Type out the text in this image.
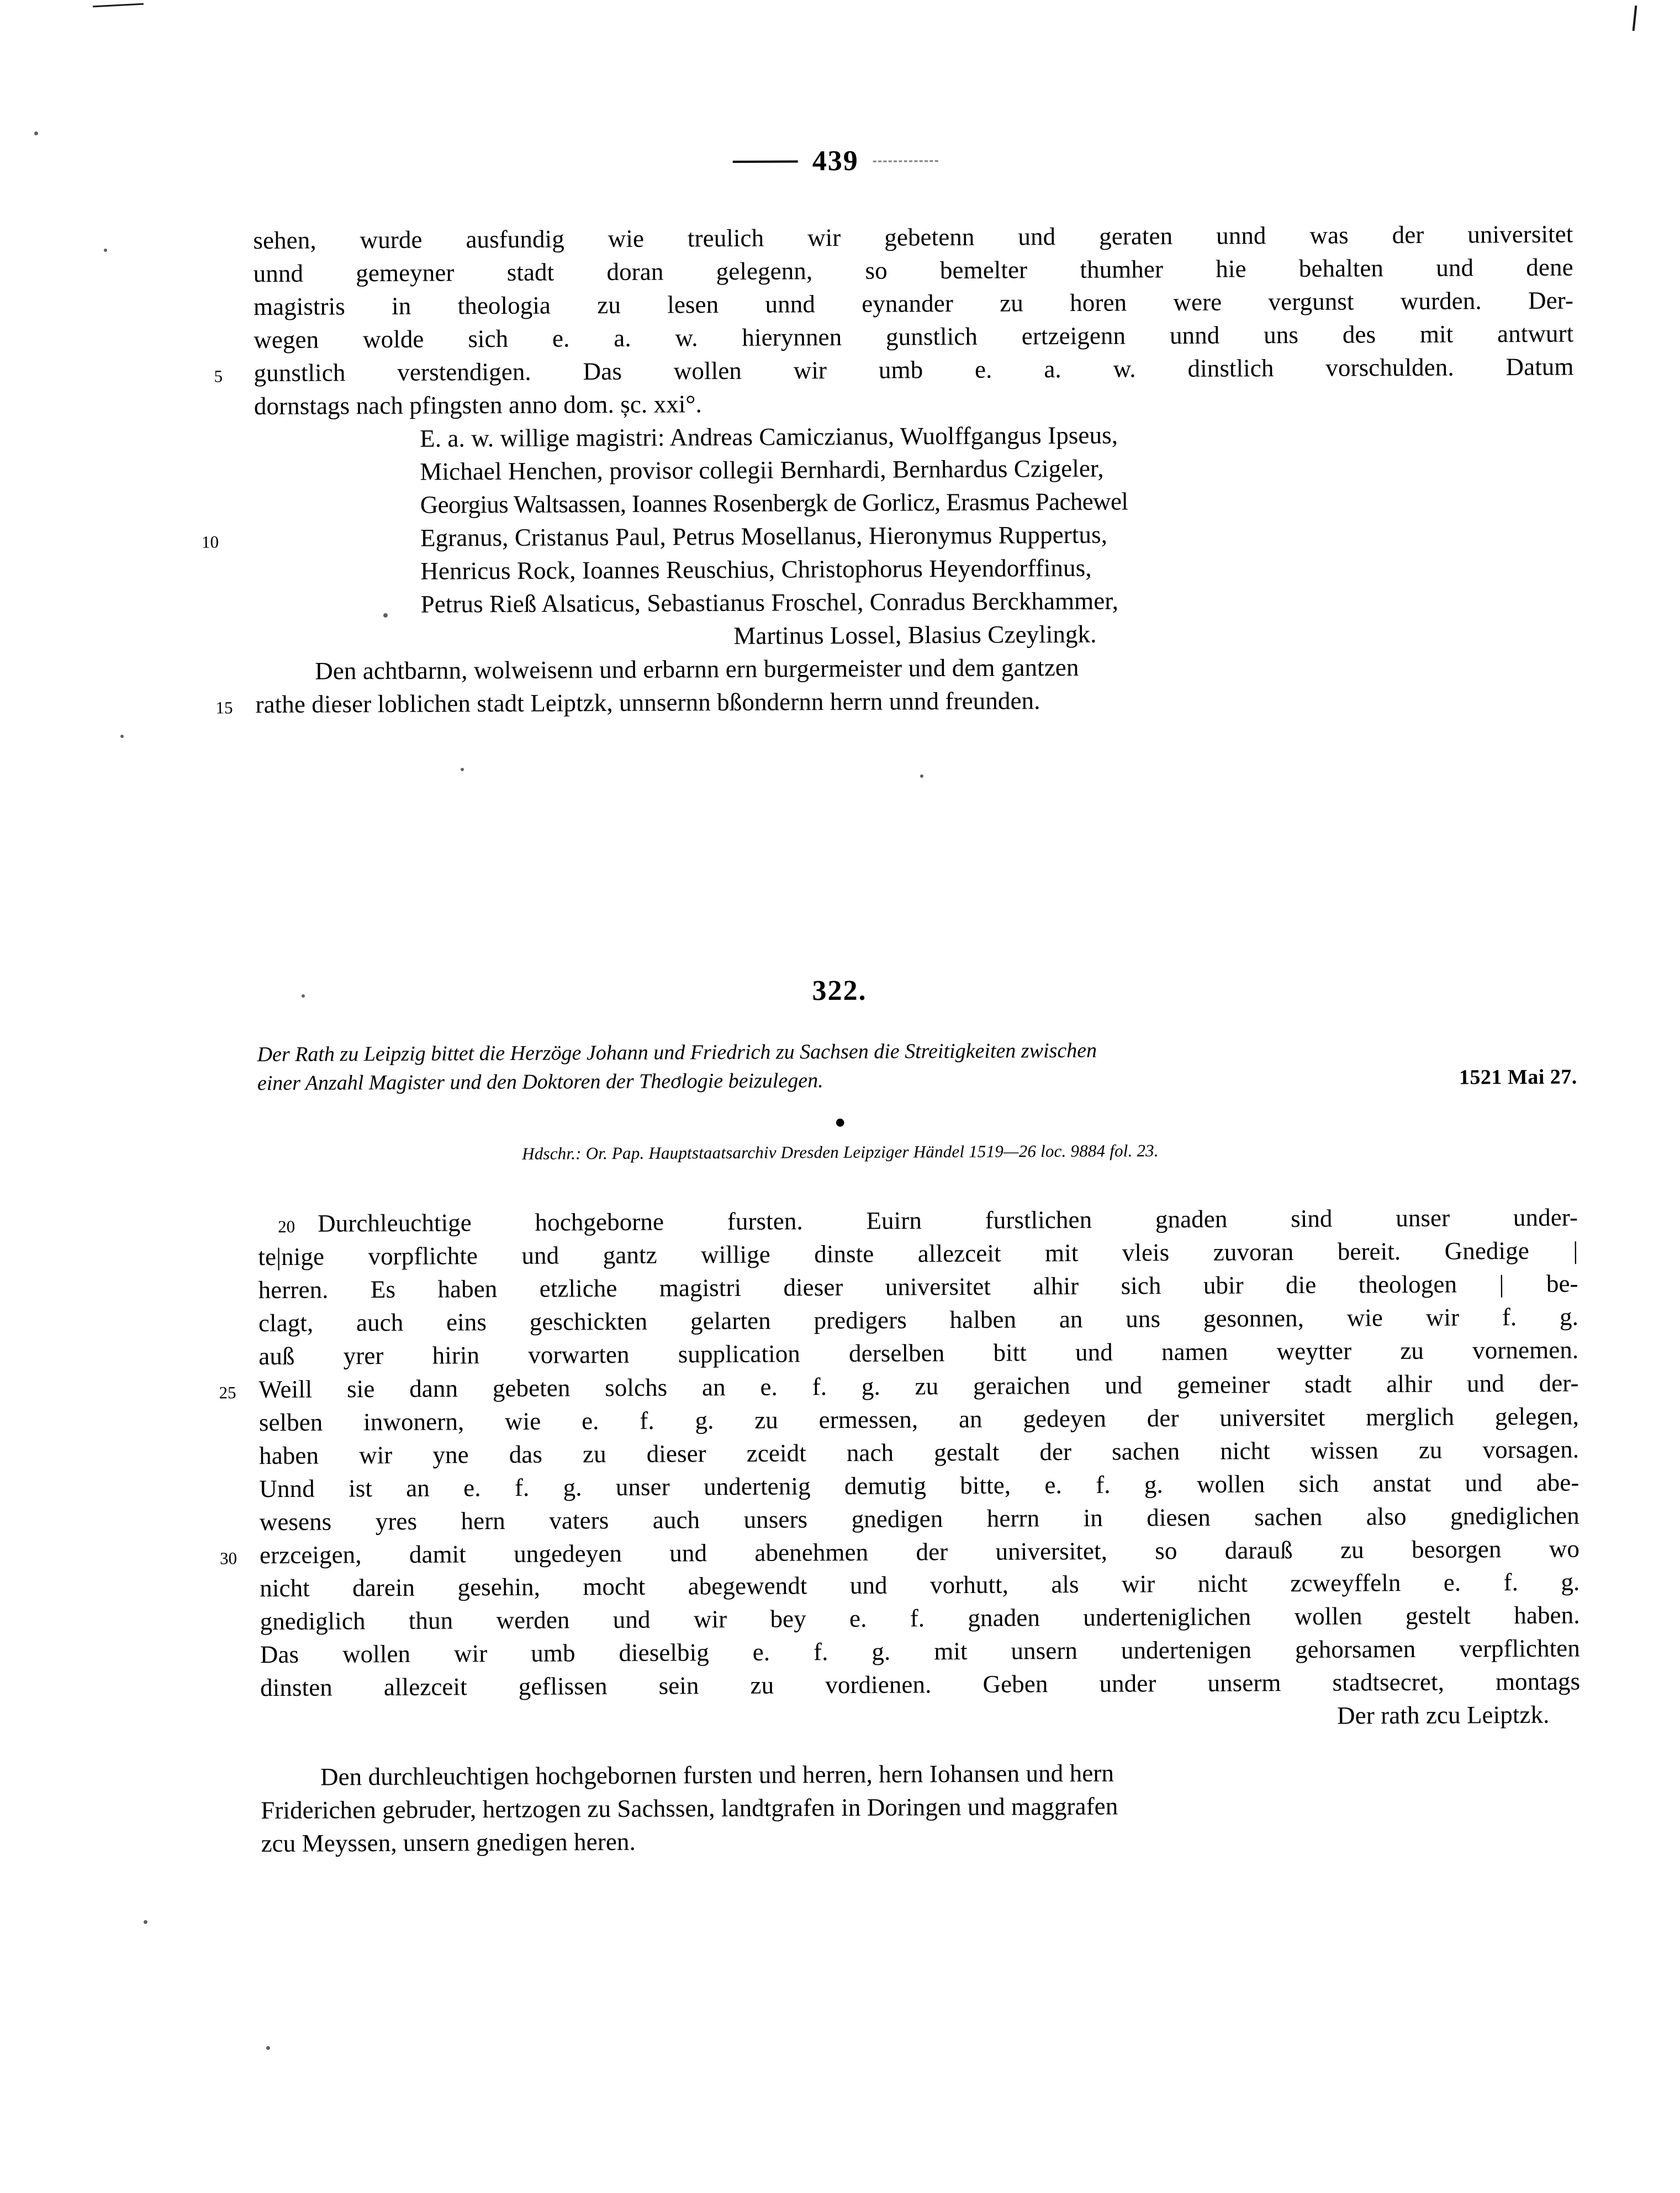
439
sehen, wurde ausfundig wie treulich wir gebetenn und geraten unnd was der universitet
unnd gemeyner stadt doran gelegenn, so bemelter thumher hie behalten und dene
magistris in theologia zu lesen unnd eynander zu horen were vergunst wurden. Der-
wegen wolde sich e. a. w. hierynnen gunstlich ertzeigenn unnd uns des mit antwurt
5 gunstlich verstendigen. Das wollen wir umb e. a. w. dinstlich vorschulden. Datum
dornstags nach pfingsten anno dom. șc. xxi°.
E. a. w. willige magistri: Andreas Camiczianus, Wuolffgangus Ipseus,
Michael Henchen, provisor collegii Bernhardi, Bernhardus Czigeler,
Georgius Waltsassen, Ioannes Rosenbergk de Gorlicz, Erasmus Pachewel
10	Egranus, Cristanus Paul, Petrus Mosellanus, Hieronymus Ruppertus,
Henricus Rock, Ioannes Reuschius, Christophorus Heyendorffinus,
Petrus Rieß Alsaticus, Sebastianus Froschel, Conradus Berckhammer,
Martinus Lossel, Blasius Czeylingk.
Den achtbarnn, wolweisenn und erbarnn ern burgermeister und dem gantzen
15 rathe dieser loblichen stadt Leiptzk, unnsernn bßondernn herrn unnd freunden.
322.
Der Rath zu Leipzig bittet die Herzöge Johann und Friedrich zu Sachsen die Streitigkeiten zwischen
einer Anzahl Magister und den Doktoren der Theologie beizulegen.	1521 Mai 27.
●
Hdschr.: Or. Pap. Hauptstaatsarchiv Dresden Leipziger Händel 1519—26 loc. 9884 fol. 23.
20 Durchleuchtige hochgeborne fursten. Euirn furstlichen gnaden sind unser under-
te|nige vorpflichte und gantz willige dinste allezceit mit vleis zuvoran bereit. Gnedige |
herren. Es haben etzliche magistri dieser universitet alhir sich ubir die theologen | be-
clagt, auch eins geschickten gelarten predigers halben an uns gesonnen, wie wir f. g.
auß yrer hirin vorwarten supplication derselben bitt und namen weytter zu vornemen.
25 Weill sie dann gebeten solchs an e. f. g. zu geraichen und gemeiner stadt alhir und der-
selben inwonern, wie e. f. g. zu ermessen, an gedeyen der universitet merglich gelegen,
haben wir yne das zu dieser zceidt nach gestalt der sachen nicht wissen zu vorsagen.
Unnd ist an e. f. g. unser undertenig demutig bitte, e. f. g. wollen sich anstat und abe-
wesens yres hern vaters auch unsers gnedigen herrn in diesen sachen also gnediglichen
30 erzceigen, damit ungedeyen und abenehmen der universitet, so darauß zu besorgen wo
nicht darein gesehin, mocht abegewendt und vorhutt, als wir nicht zcweyffeln e. f. g.
gnediglich thun werden und wir bey e. f. gnaden underteniglichen wollen gestelt haben.
Das wollen wir umb dieselbig e. f. g. mit unsern undertenigen gehorsamen verpflichten
dinsten allezceit geflissen sein zu vordienen. Geben under unserm stadtsecret, montags
Der rath zcu Leiptzk.
Den durchleuchtigen hochgebornen fursten und herren, hern Iohansen und hern
Friderichen gebruder, hertzogen zu Sachssen, landtgrafen in Doringen und maggrafen
zcu Meyssen, unsern gnedigen heren.
